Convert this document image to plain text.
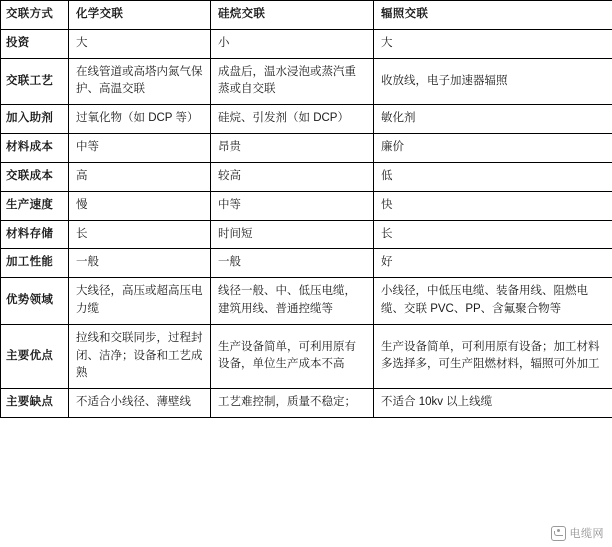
交联方式	化学交联	硅烷交联	辐照交联
投资	大	小	大
交联工艺	在线管道或高塔内氮气保护、高温交联	成盘后，温水浸泡或蒸汽重蒸或自交联	收放线，电子加速器辐照
加入助剂	过氧化物（如 DCP 等）	硅烷、引发剂（如 DCP）	敏化剂
材料成本	中等	昂贵	廉价
交联成本	高	较高	低
生产速度	慢	中等	快
材料存储	长	时间短	长
加工性能	一般	一般	好
优势领域	大线径，高压或超高压电力缆	线径一般、中、低压电缆，建筑用线、普通控缆等	小线径，中低压电缆、装备用线、阻燃电缆、交联 PVC、PP、含氟聚合物等
主要优点	拉线和交联同步，过程封闭、洁净；设备和工艺成熟	生产设备简单，可利用原有设备，单位生产成本不高	生产设备简单，可利用原有设备；加工材料多选择多，可生产阻燃材料，辐照可外加工
主要缺点	不适合小线径、薄壁线	工艺难控制，质量不稳定；	不适合 10kv 以上线缆
电缆网
